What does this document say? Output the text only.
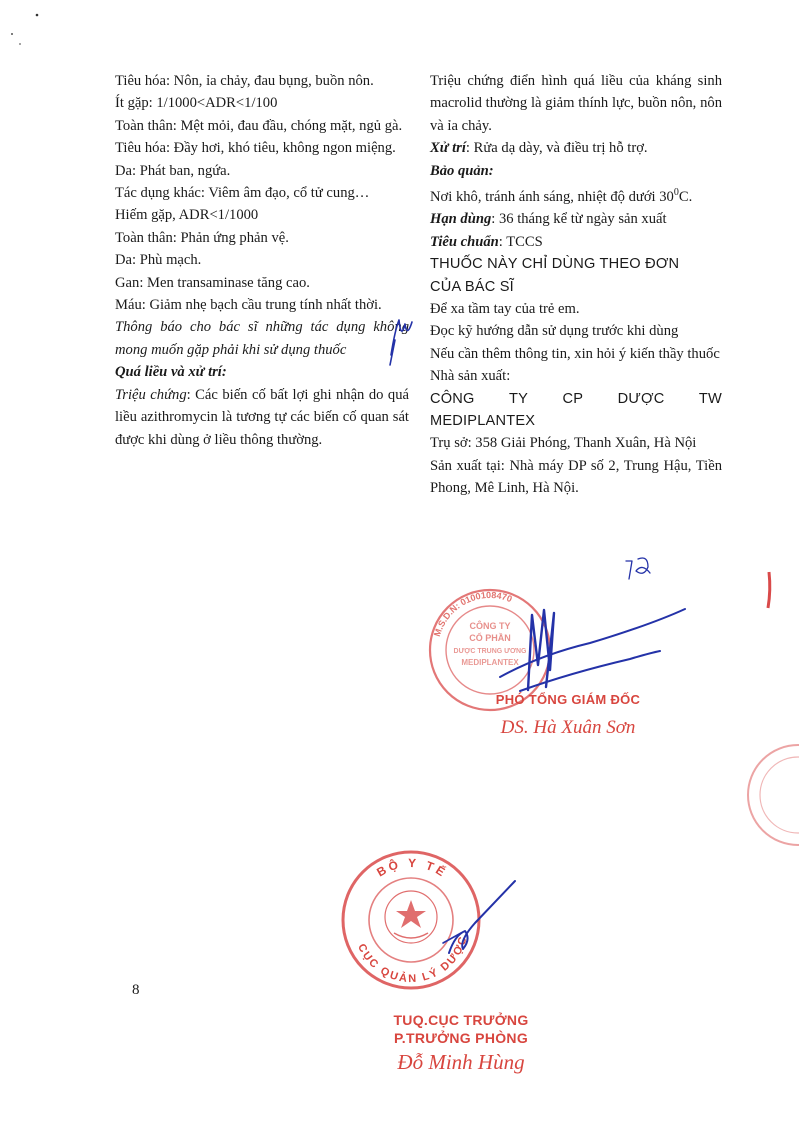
Tiêu hóa: Nôn, ỉa chảy, đau bụng, buồn nôn.

Ít gặp: 1/1000<ADR<1/100

Toàn thân: Mệt mỏi, đau đầu, chóng mặt, ngủ gà.

Tiêu hóa: Đầy hơi, khó tiêu, không ngon miệng.

Da: Phát ban, ngứa.

Tác dụng khác: Viêm âm đạo, cổ tử cung…

Hiếm gặp, ADR<1/1000

Toàn thân: Phản ứng phản vệ.

Da: Phù mạch.

Gan: Men transaminase tăng cao.

Máu: Giảm nhẹ bạch cầu trung tính nhất thời.

Thông báo cho bác sĩ những tác dụng không mong muốn gặp phải khi sử dụng thuốc

Quá liều và xử trí:

Triệu chứng: Các biến cố bất lợi ghi nhận do quá liều azithromycin là tương tự các biến cố quan sát được khi dùng ở liều thông thường.

Triệu chứng điển hình quá liều của kháng sinh macrolid thường là giảm thính lực, buồn nôn, nôn và ỉa chảy.

Xử trí: Rửa dạ dày, và điều trị hỗ trợ.

Bảo quản:

Nơi khô, tránh ánh sáng, nhiệt độ dưới $30^0C$.

Hạn dùng: 36 tháng kể từ ngày sản xuất

Tiêu chuẩn: TCCS

THUỐC NÀY CHỈ DÙNG THEO ĐƠN

CỦA BÁC SĨ

Để xa tầm tay của trẻ em.

Đọc kỹ hướng dẫn sử dụng trước khi dùng

Nếu cần thêm thông tin, xin hỏi ý kiến thầy thuốc

Nhà sản xuất:

CÔNG TY CP DƯỢC TW

MEDIPLANTEX

Trụ sở: 358 Giải Phóng, Thanh Xuân, Hà Nội

Sản xuất tại: Nhà máy DP số 2, Trung Hậu, Tiền Phong, Mê Linh, Hà Nội.

M.S.D.N: 0100108470
CÔNG TY
CỔ PHẦN
DƯỢC TRUNG ƯƠNG
MEDIPLANTEX
PHÓ TỔNG GIÁM ĐỐC
DS. Hà Xuân Sơn
BỘ Y TẾ
CỤC QUẢN LÝ DƯỢC
8
TUQ.CỤC TRƯỞNG
P.TRƯỞNG PHÒNG
Đỗ Minh Hùng
